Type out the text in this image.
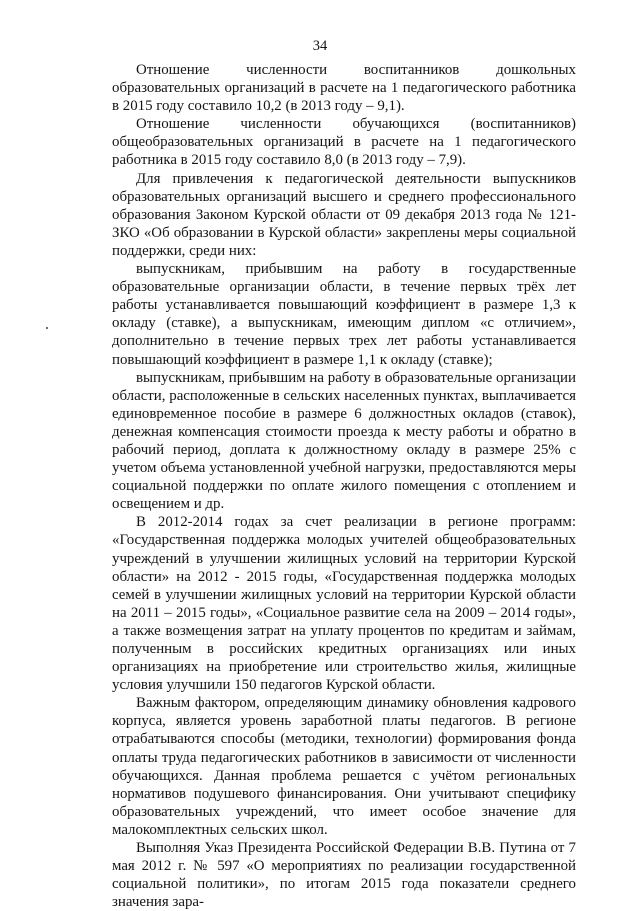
34

Отношение численности воспитанников дошкольных образовательных организаций в расчете на 1 педагогического работника в 2015 году составило 10,2 (в 2013 году – 9,1).

Отношение численности обучающихся (воспитанников) общеобразовательных организаций в расчете на 1 педагогического работника в 2015 году составило 8,0 (в 2013 году – 7,9).

Для привлечения к педагогической деятельности выпускников образовательных организаций высшего и среднего профессионального образования Законом Курской области от 09 декабря 2013 года № 121-ЗКО «Об образовании в Курской области» закреплены меры социальной поддержки, среди них:

выпускникам, прибывшим на работу в государственные образовательные организации области, в течение первых трёх лет работы устанавливается повышающий коэффициент в размере 1,3 к окладу (ставке), а выпускникам, имеющим диплом «с отличием», дополнительно в течение первых трех лет работы устанавливается повышающий коэффициент в размере 1,1 к окладу (ставке);

выпускникам, прибывшим на работу в образовательные организации области, расположенные в сельских населенных пунктах, выплачивается единовременное пособие в размере 6 должностных окладов (ставок), денежная компенсация стоимости проезда к месту работы и обратно в рабочий период, доплата к должностному окладу в размере 25% с учетом объема установленной учебной нагрузки, предоставляются меры социальной поддержки по оплате жилого помещения с отоплением и освещением и др.

В 2012-2014 годах за счет реализации в регионе программ: «Государственная поддержка молодых учителей общеобразовательных учреждений в улучшении жилищных условий на территории Курской области» на 2012 - 2015 годы, «Государственная поддержка молодых семей в улучшении жилищных условий на территории Курской области на 2011 – 2015 годы», «Социальное развитие села на 2009 – 2014 годы», а также возмещения затрат на уплату процентов по кредитам и займам, полученным в российских кредитных организациях или иных организациях на приобретение или строительство жилья, жилищные условия улучшили 150 педагогов Курской области.

Важным фактором, определяющим динамику обновления кадрового корпуса, является уровень заработной платы педагогов. В регионе отрабатываются способы (методики, технологии) формирования фонда оплаты труда педагогических работников в зависимости от численности обучающихся. Данная проблема решается с учётом региональных нормативов подушевого финансирования. Они учитывают специфику образовательных учреждений, что имеет особое значение для малокомплектных сельских школ.

Выполняя Указ Президента Российской Федерации В.В. Путина от 7 мая 2012 г. № 597 «О мероприятиях по реализации государственной социальной политики», по итогам 2015 года показатели среднего значения зара-
